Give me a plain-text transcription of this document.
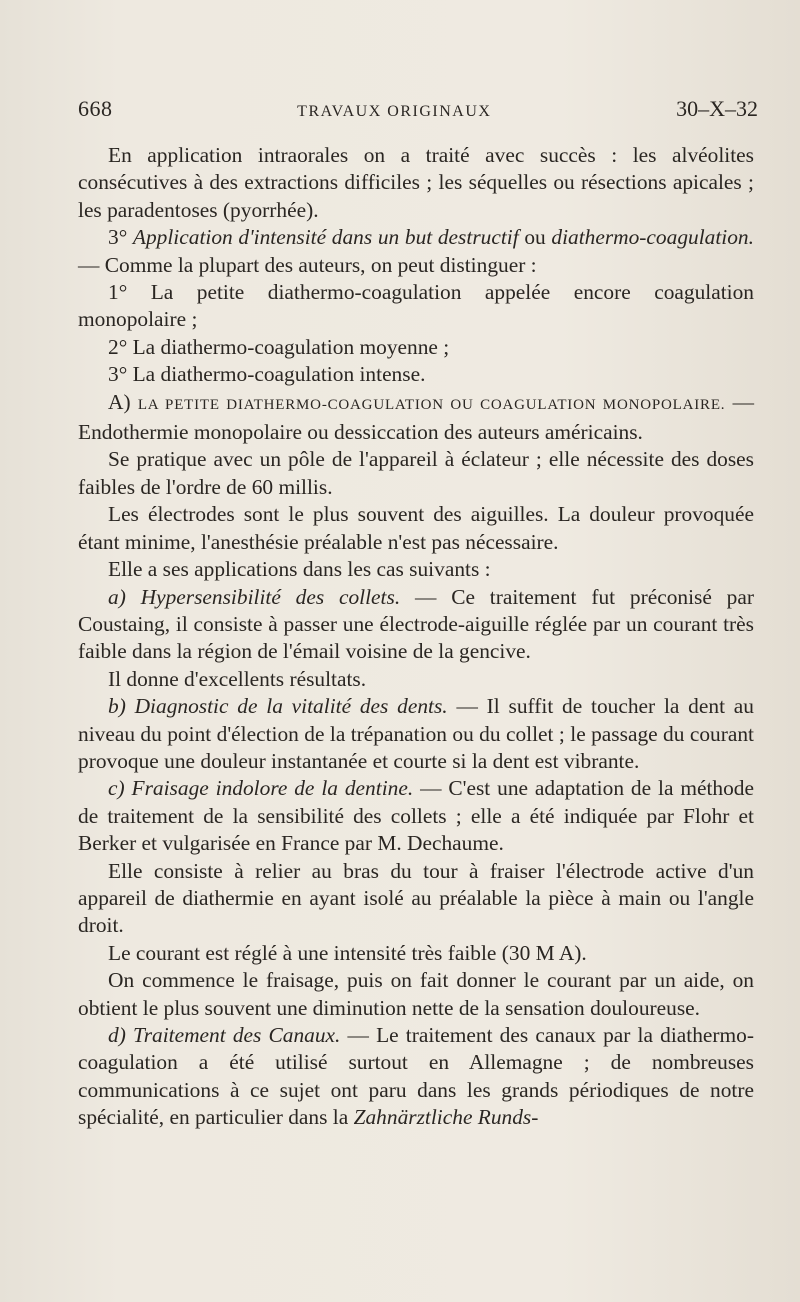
668	TRAVAUX ORIGINAUX	30–X–32

En application intraorales on a traité avec succès : les alvéolites consécutives à des extractions difficiles ; les séquelles ou résections apicales ; les paradentoses (pyorrhée).

3° Application d'intensité dans un but destructif ou diathermo-coagulation. — Comme la plupart des auteurs, on peut distinguer :

1° La petite diathermo-coagulation appelée encore coagulation monopolaire ;

2° La diathermo-coagulation moyenne ;

3° La diathermo-coagulation intense.

A) LA PETITE DIATHERMO-COAGULATION OU COAGULATION MONOPOLAIRE. — Endothermie monopolaire ou dessiccation des auteurs américains.

Se pratique avec un pôle de l'appareil à éclateur ; elle nécessite des doses faibles de l'ordre de 60 millis.

Les électrodes sont le plus souvent des aiguilles. La douleur provoquée étant minime, l'anesthésie préalable n'est pas nécessaire.

Elle a ses applications dans les cas suivants :

a) Hypersensibilité des collets. — Ce traitement fut préconisé par Coustaing, il consiste à passer une électrode-aiguille réglée par un courant très faible dans la région de l'émail voisine de la gencive.

Il donne d'excellents résultats.

b) Diagnostic de la vitalité des dents. — Il suffit de toucher la dent au niveau du point d'élection de la trépanation ou du collet ; le passage du courant provoque une douleur instantanée et courte si la dent est vibrante.

c) Fraisage indolore de la dentine. — C'est une adaptation de la méthode de traitement de la sensibilité des collets ; elle a été indiquée par Flohr et Berker et vulgarisée en France par M. Dechaume.

Elle consiste à relier au bras du tour à fraiser l'électrode active d'un appareil de diathermie en ayant isolé au préalable la pièce à main ou l'angle droit.

Le courant est réglé à une intensité très faible (30 M A).

On commence le fraisage, puis on fait donner le courant par un aide, on obtient le plus souvent une diminution nette de la sensation douloureuse.

d) Traitement des Canaux. — Le traitement des canaux par la diathermo-coagulation a été utilisé surtout en Allemagne ; de nombreuses communications à ce sujet ont paru dans les grands périodiques de notre spécialité, en particulier dans la Zahnärztliche Runds-
